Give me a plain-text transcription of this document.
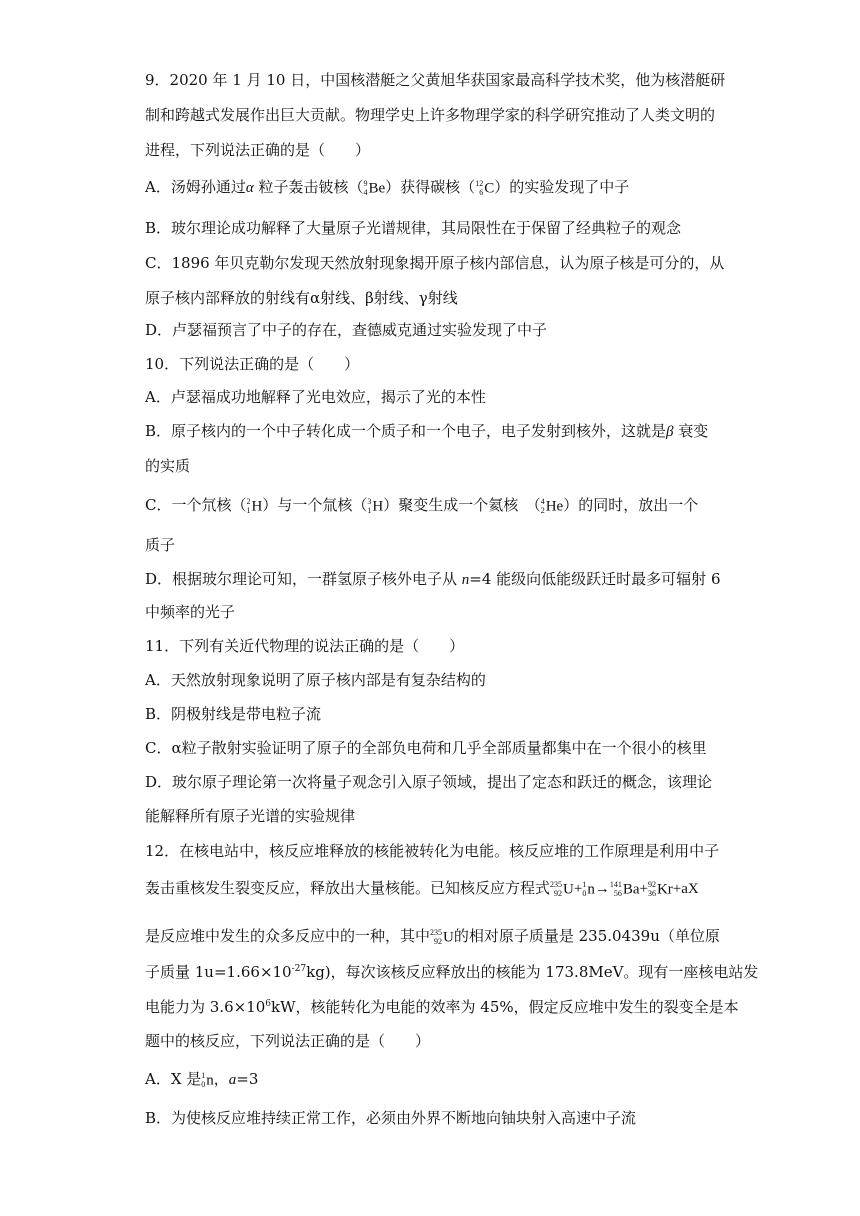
9．2020 年 1 月 10 日，中国核潜艇之父黄旭华获国家最高科学技术奖，他为核潜艇研
制和跨越式发展作出巨大贡献。物理学史上许多物理学家的科学研究推动了人类文明的
进程，下列说法正确的是（　　）
A．汤姆孙通过α 粒子轰击铍核（ 9
4 Be）获得碳核（ 12
6 C）的实验发现了中子
B．玻尔理论成功解释了大量原子光谱规律，其局限性在于保留了经典粒子的观念
C．1896 年贝克勒尔发现天然放射现象揭开原子核内部信息，认为原子核是可分的，从
原子核内部释放的射线有α射线、β射线、γ射线
D．卢瑟福预言了中子的存在，查德威克通过实验发现了中子
10．下列说法正确的是（　　）
A．卢瑟福成功地解释了光电效应，揭示了光的本性
B．原子核内的一个中子转化成一个质子和一个电子，电子发射到核外，这就是β 衰变
的实质
C．一个氘核（ 2
1 H）与一个氚核（ 3
1 H）聚变生成一个氦核　（ 4
2 He）的同时，放出一个
质子
D．根据玻尔理论可知，一群氢原子核外电子从 n=4 能级向低能级跃迁时最多可辐射 6
中频率的光子
11．下列有关近代物理的说法正确的是（　　）
A．天然放射现象说明了原子核内部是有复杂结构的
B．阴极射线是带电粒子流
C．α粒子散射实验证明了原子的全部负电荷和几乎全部质量都集中在一个很小的核里
D．玻尔原子理论第一次将量子观念引入原子领域，提出了定态和跃迁的概念，该理论
能解释所有原子光谱的实验规律
12．在核电站中，核反应堆释放的核能被转化为电能。核反应堆的工作原理是利用中子
轰击重核发生裂变反应，释放出大量核能。已知核反应方程式 235
92 U+ 1
0 n→ 141
56 Ba+ 92
36 Kr+aX
是反应堆中发生的众多反应中的一种，其中 235
92 U的相对原子质量是 235.0439u（单位原
子质量 $1u=1.66\times 10^{-27}kg$)，每次该核反应释放出的核能为 173.8MeV。现有一座核电站发
电能力为 $3.6\times 10^6kW$，核能转化为电能的效率为 45%，假定反应堆中发生的裂变全是本
题中的核反应，下列说法正确的是（　　）
A．X 是 1
0 n，a=3
B．为使核反应堆持续正常工作，必须由外界不断地向铀块射入高速中子流
